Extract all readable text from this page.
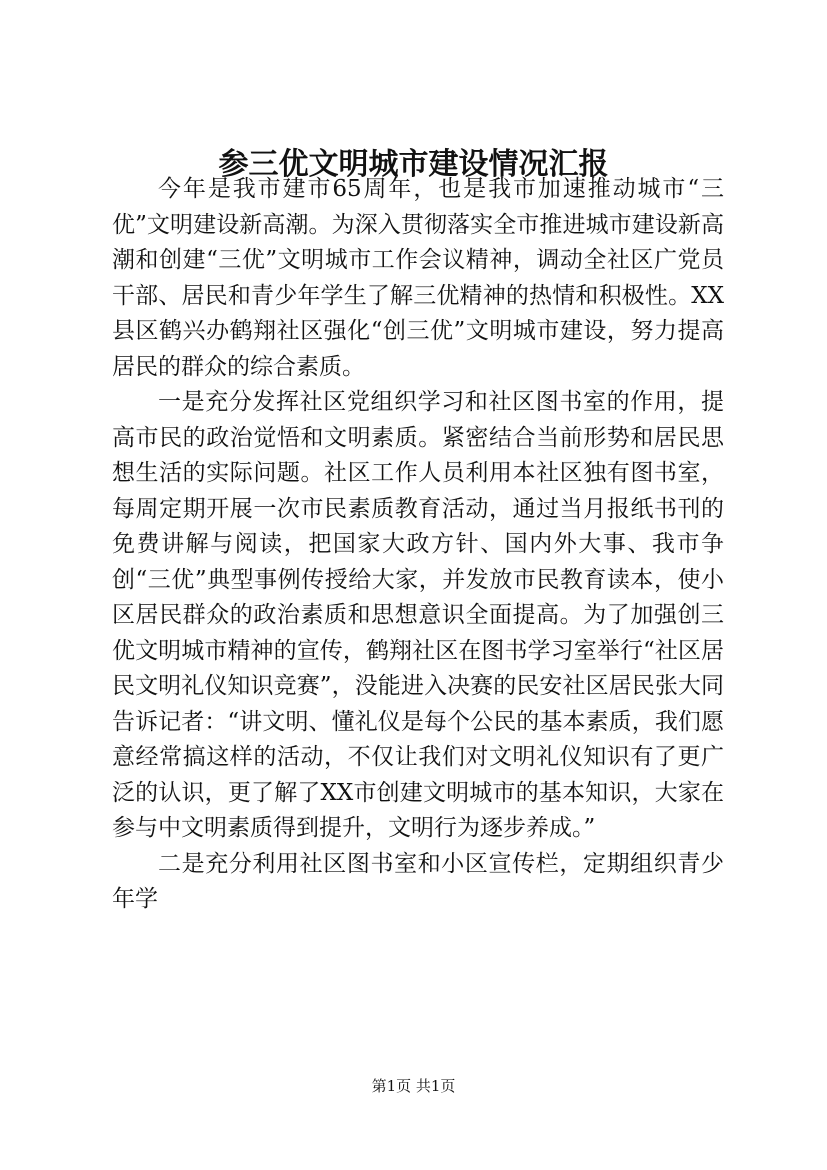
参三优文明城市建设情况汇报

今年是我市建市65周年，也是我市加速推动城市“三优”文明建设新高潮。为深入贯彻落实全市推进城市建设新高潮和创建“三优”文明城市工作会议精神，调动全社区广党员干部、居民和青少年学生了解三优精神的热情和积极性。XX县区鹤兴办鹤翔社区强化“创三优”文明城市建设，努力提高居民的群众的综合素质。

一是充分发挥社区党组织学习和社区图书室的作用，提高市民的政治觉悟和文明素质。紧密结合当前形势和居民思想生活的实际问题。社区工作人员利用本社区独有图书室，每周定期开展一次市民素质教育活动，通过当月报纸书刊的免费讲解与阅读，把国家大政方针、国内外大事、我市争创“三优”典型事例传授给大家，并发放市民教育读本，使小区居民群众的政治素质和思想意识全面提高。为了加强创三优文明城市精神的宣传，鹤翔社区在图书学习室举行“社区居民文明礼仪知识竞赛”，没能进入决赛的民安社区居民张大同告诉记者：“讲文明、懂礼仪是每个公民的基本素质，我们愿意经常搞这样的活动，不仅让我们对文明礼仪知识有了更广泛的认识，更了解了XX市创建文明城市的基本知识，大家在参与中文明素质得到提升，文明行为逐步养成。”

二是充分利用社区图书室和小区宣传栏，定期组织青少年学

第1页 共1页
